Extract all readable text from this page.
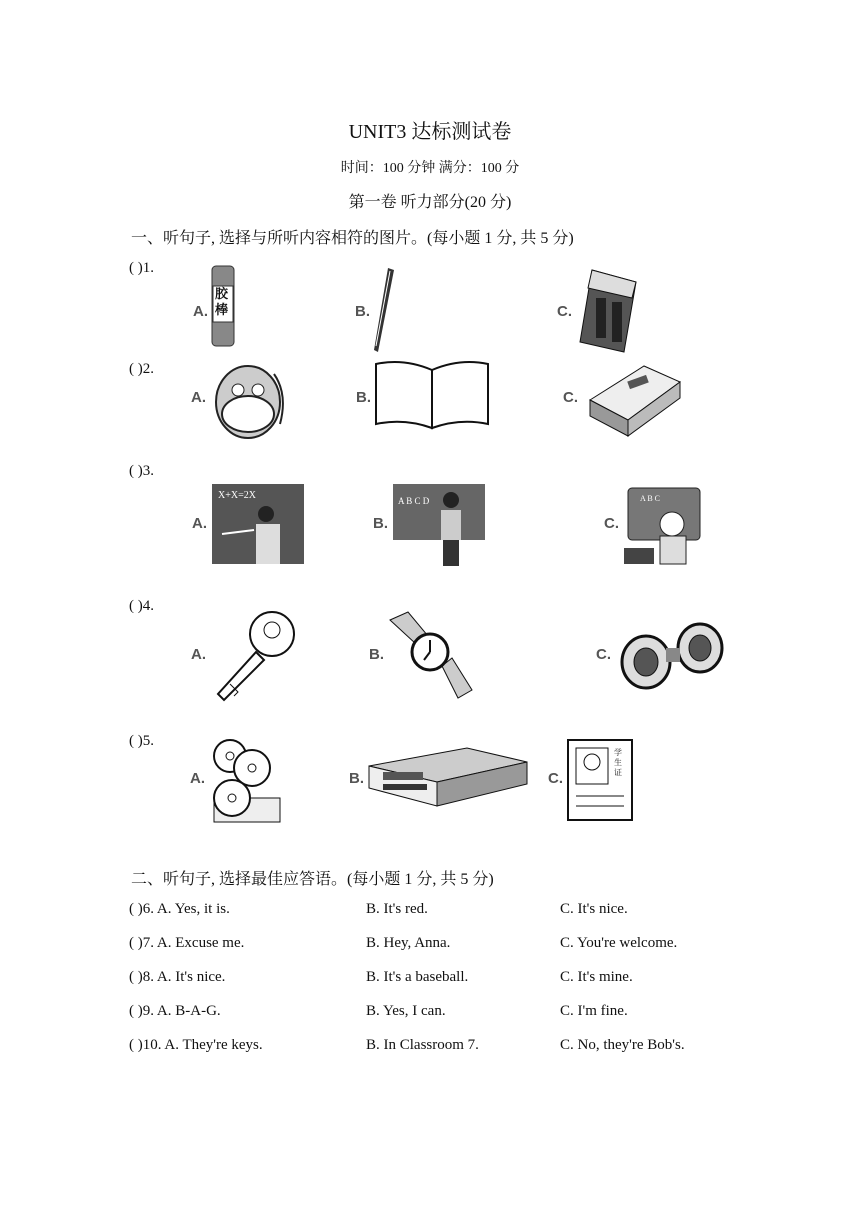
UNIT3 达标测试卷
时间：100 分钟 满分：100 分
第一卷 听力部分(20 分)
一、听句子, 选择与所听内容相符的图片。(每小题 1 分, 共 5 分)
( )1.
A.
胶棒	B.	C.
( )2.
A.	B.	C.
( )3.
A.
X+X=2X
B.
A B C D
C.
A B C
( )4.
A.	B.	C.
( )5.
A.	B.	C.
学生证
二、听句子, 选择最佳应答语。(每小题 1 分, 共 5 分)
( )6. A. Yes, it is.	B. It's red.	C. It's nice.
( )7. A. Excuse me.	B. Hey, Anna.	C. You're welcome.
( )8. A. It's nice.	B. It's a baseball.	C. It's mine.
( )9. A. B-A-G.	B. Yes, I can.	C. I'm fine.
( )10. A. They're keys.	B. In Classroom 7.	C. No, they're Bob's.
